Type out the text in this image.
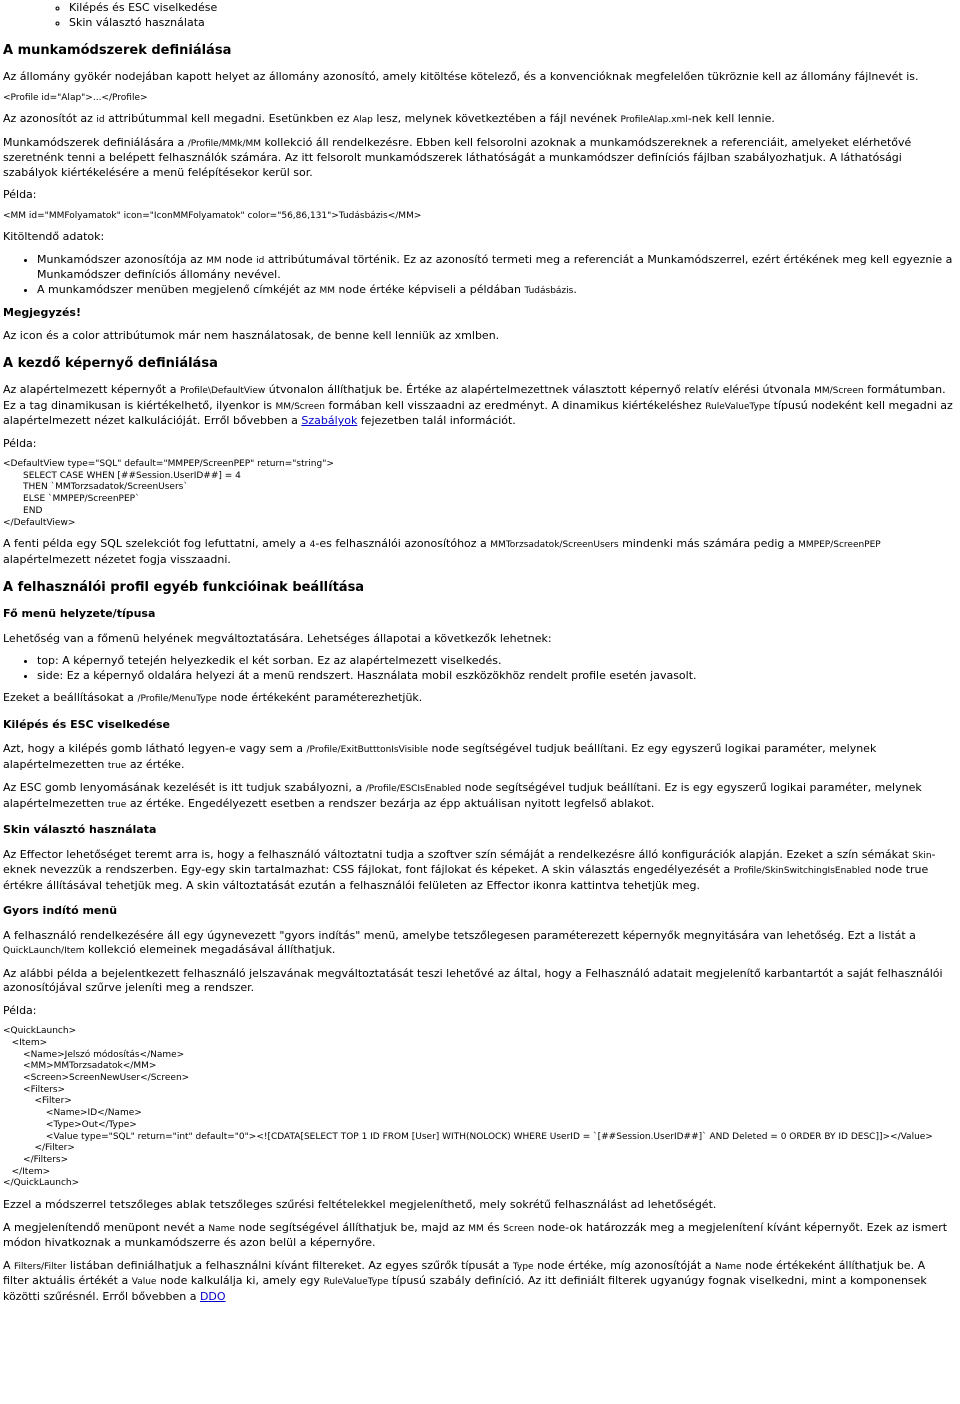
◦ Kilépés és ESC viselkedése
◦ Skin választó használata
A munkamódszerek definiálása

Az állomány gyökér nodejában kapott helyet az állomány azonosító, amely kitöltése kötelező, és a konvencióknak megfelelően tükröznie kell az állomány fájlnevét is.

<Profile id="Alap">...</Profile>

Az azonosítót az id attribútummal kell megadni. Esetünkben ez Alap lesz, melynek következtében a fájl nevének ProfileAlap.xml-nek kell lennie.

Munkamódszerek definiálására a /Profile/MMk/MM kollekció áll rendelkezésre. Ebben kell felsorolni azoknak a munkamódszereknek a referenciáit, amelyeket elérhetővé szeretnénk tenni a belépett felhasználók számára. Az itt felsorolt munkamódszerek láthatóságát a munkamódszer definíciós fájlban szabályozhatjuk. A láthatósági szabályok kiértékelésére a menü felépítésekor kerül sor.

Példa:

<MM id="MMFolyamatok" icon="IconMMFolyamatok" color="56,86,131">Tudásbázis</MM>

Kitöltendő adatok:

• Munkamódszer azonosítója az MM node id attribútumával történik. Ez az azonosító termeti meg a referenciát a Munkamódszerrel, ezért értékének meg kell egyeznie a Munkamódszer definíciós állomány nevével.
• A munkamódszer menüben megjelenő címkéjét az MM node értéke képviseli a példában Tudásbázis.
Megjegyzés!

Az icon és a color attribútumok már nem használatosak, de benne kell lenniük az xmlben.

A kezdő képernyő definiálása

Az alapértelmezett képernyőt a Profile\DefaultView útvonalon állíthatjuk be. Értéke az alapértelmezettnek választott képernyő relatív elérési útvonala MM/Screen formátumban. Ez a tag dinamikusan is kiértékelhető, ilyenkor is MM/Screen formában kell visszaadni az eredményt. A dinamikus kiértékeléshez RuleValueType típusú nodeként kell megadni az alapértelmezett nézet kalkulációját. Erről bővebben a Szabályok fejezetben talál információt.

Példa:

<DefaultView type="SQL" default="MMPEP/ScreenPEP" return="string">
SELECT CASE WHEN [##Session.UserID##] = 4
THEN `MMTorzsadatok/ScreenUsers`
ELSE `MMPEP/ScreenPEP`
END
</DefaultView>

A fenti példa egy SQL szelekciót fog lefuttatni, amely a 4-es felhasználói azonosítóhoz a MMTorzsadatok/ScreenUsers mindenki más számára pedig a MMPEP/ScreenPEP alapértelmezett nézetet fogja visszaadni.

A felhasználói profil egyéb funkcióinak beállítása
Fő menü helyzete/típusa

Lehetőség van a főmenü helyének megváltoztatására. Lehetséges állapotai a következők lehetnek:

• top: A képernyő tetején helyezkedik el két sorban. Ez az alapértelmezett viselkedés.
• side: Ez a képernyő oldalára helyezi át a menü rendszert. Használata mobil eszközökhöz rendelt profile esetén javasolt.

Ezeket a beállításokat a /Profile/MenuType node értékeként paraméterezhetjük.

Kilépés és ESC viselkedése

Azt, hogy a kilépés gomb látható legyen-e vagy sem a /Profile/ExitButttonIsVisible node segítségével tudjuk beállítani. Ez egy egyszerű logikai paraméter, melynek alapértelmezetten true az értéke.

Az ESC gomb lenyomásának kezelését is itt tudjuk szabályozni, a /Profile/ESCIsEnabled node segítségével tudjuk beállítani. Ez is egy egyszerű logikai paraméter, melynek alapértelmezetten true az értéke. Engedélyezett esetben a rendszer bezárja az épp aktuálisan nyitott legfelső ablakot.

Skin választó használata

Az Effector lehetőséget teremt arra is, hogy a felhasználó változtatni tudja a szoftver szín sémáját a rendelkezésre álló konfigurációk alapján. Ezeket a szín sémákat Skin-eknek nevezzük a rendszerben. Egy-egy skin tartalmazhat: CSS fájlokat, font fájlokat és képeket. A skin választás engedélyezését a Profile/SkinSwitchingIsEnabled node true értékre állításával tehetjük meg. A skin változtatását ezután a felhasználói felületen az Effector ikonra kattintva tehetjük meg.

Gyors indító menü

A felhasználó rendelkezésére áll egy úgynevezett "gyors indítás" menü, amelybe tetszőlegesen paraméterezett képernyők megnyitására van lehetőség. Ezt a listát a QuickLaunch/Item kollekció elemeinek megadásával állíthatjuk.

Az alábbi példa a bejelentkezett felhasználó jelszavának megváltoztatását teszi lehetővé az által, hogy a Felhasználó adatait megjelenítő karbantartót a saját felhasználói azonosítójával szűrve jeleníti meg a rendszer.

Példa:

<QuickLaunch>
<Item>
<Name>Jelszó módosítás</Name>
<MM>MMTorzsadatok</MM>
<Screen>ScreenNewUser</Screen>
<Filters>
<Filter>
<Name>ID</Name>
<Type>Out</Type>
<Value type="SQL" return="int" default="0"><![CDATA[SELECT TOP 1 ID FROM [User] WITH(NOLOCK) WHERE UserID = `[##Session.UserID##]` AND Deleted = 0 ORDER BY ID DESC]]></Value>
</Filter>
</Filters>
</Item>
</QuickLaunch>

Ezzel a módszerrel tetszőleges ablak tetszőleges szűrési feltételekkel megjeleníthető, mely sokrétű felhasználást ad lehetőségét.

A megjelenítendő menüpont nevét a Name node segítségével állíthatjuk be, majd az MM és Screen node-ok határozzák meg a megjelenítení kívánt képernyőt. Ezek az ismert módon hivatkoznak a munkamódszerre és azon belül a képernyőre.

A Filters/Filter listában definiálhatjuk a felhasználni kívánt filtereket. Az egyes szűrők típusát a Type node értéke, míg azonosítóját a Name node értékeként állíthatjuk be. A filter aktuális értékét a Value node kalkulálja ki, amely egy RuleValueType típusú szabály definíció. Az itt definiált filterek ugyanúgy fognak viselkedni, mint a komponensek közötti szűrésnél. Erről bővebben a DDO
